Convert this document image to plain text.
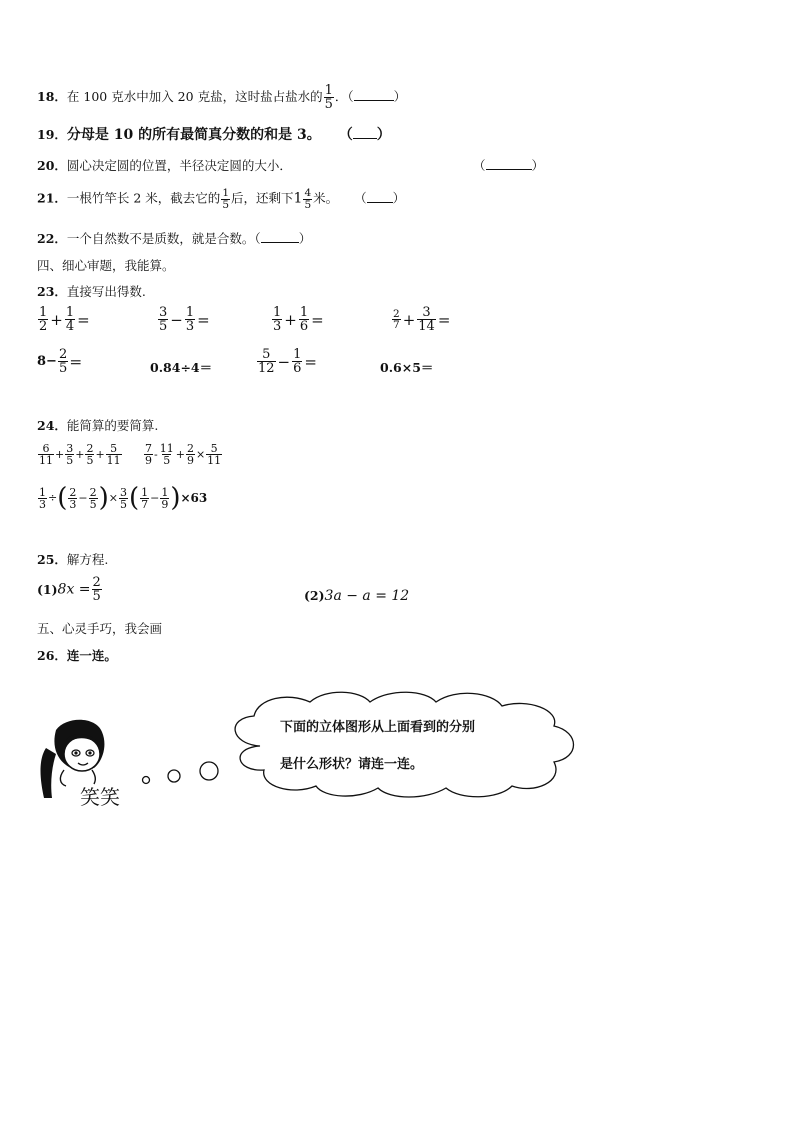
18．在 100 克水中加入 20 克盐，这时盐占盐水的 $\frac{1}{5}$ ．（	）
19．分母是 10 的所有最简真分数的和是 3。 （ ）
20．圆心决定圆的位置，半径决定圆的大小．	（	）
21．一根竹竿长 2 米，截去它的 $\frac{1}{5}$ 后，还剩下$1 \frac{4}{5}$ 米。 （ ）
22．一个自然数不是质数，就是合数。（	）
四、细心审题，我能算。
23．直接写出得数.
$\frac{1}{2} + \frac{1}{4}$ =	$\frac{3}{5} - \frac{1}{3}$ =	$\frac{1}{3} + \frac{1}{6}$ =	$\frac{2}{7} + \frac{3}{14}$ =
$8- \frac{2}{5}$ ＝	0.84÷4＝	$\frac{5}{12} - \frac{1}{6}$ =	0.6×5＝
24．能简算的要简算.
$\frac{6}{11} + \frac{3}{5} + \frac{2}{5} + \frac{5}{11} \frac{7}{9} - \frac{11}{5} + \frac{2}{9} \times \frac{5}{11}$
$\frac{1}{3}$ ÷( $\frac{2}{3} - \frac{2}{5}$ )× $\frac{3}{5}$ ( $\frac{1}{7} - \frac{1}{9} )\times 63$
25．解方程.
$(1)8x = \frac{2}{5}$	(2)3a − a = 12
五、心灵手巧，我会画
26．连一连。
笑笑
下面的立体图形从上面看到的分别
是什么形状？请连一连。
